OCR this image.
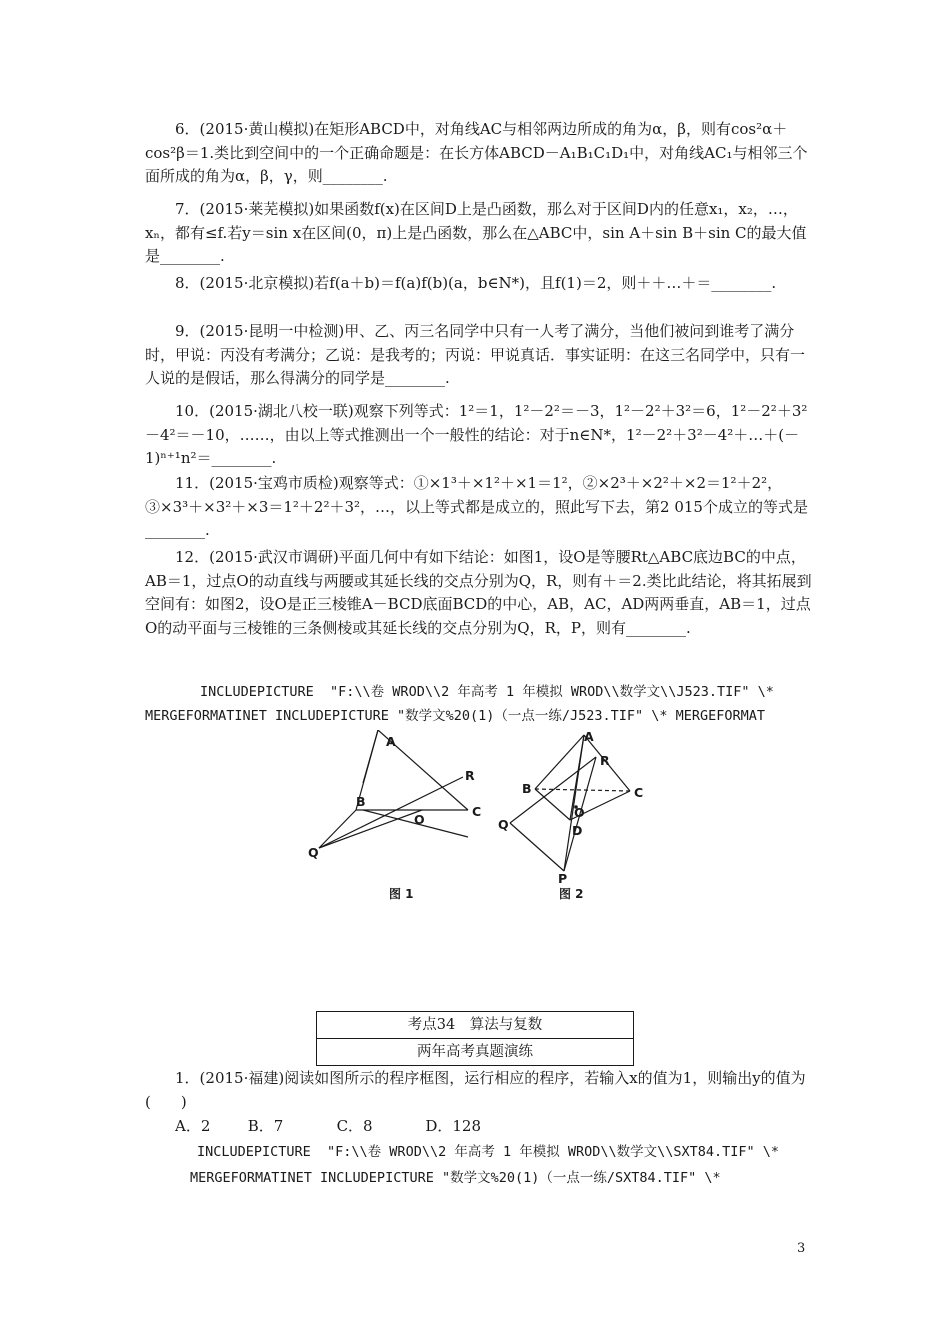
6．(2015·黄山模拟)在矩形ABCD中，对角线AC与相邻两边所成的角为α，β，则有cos²α＋cos²β＝1.类比到空间中的一个正确命题是：在长方体ABCD－A₁B₁C₁D₁中，对角线AC₁与相邻三个面所成的角为α，β，γ，则________.
7．(2015·莱芜模拟)如果函数f(x)在区间D上是凸函数，那么对于区间D内的任意x₁，x₂，…，xₙ，都有≤f.若y＝sin x在区间(0，π)上是凸函数，那么在△ABC中，sin A＋sin B＋sin C的最大值是________.
8．(2015·北京模拟)若f(a＋b)＝f(a)f(b)(a，b∈N*)，且f(1)＝2，则＋＋…＋＝________.
9．(2015·昆明一中检测)甲、乙、丙三名同学中只有一人考了满分，当他们被问到谁考了满分时，甲说：丙没有考满分；乙说：是我考的；丙说：甲说真话．事实证明：在这三名同学中，只有一人说的是假话，那么得满分的同学是________.
10．(2015·湖北八校一联)观察下列等式：1²＝1，1²－2²＝－3，1²－2²＋3²＝6，1²－2²＋3²－4²＝－10，……，由以上等式推测出一个一般性的结论：对于n∈N*，1²－2²＋3²－4²＋…＋(－1)ⁿ⁺¹n²＝________.
11．(2015·宝鸡市质检)观察等式：①×1³＋×1²＋×1＝1²，②×2³＋×2²＋×2＝1²＋2²，③×3³＋×3²＋×3＝1²＋2²＋3²，…，以上等式都是成立的，照此写下去，第2 015个成立的等式是________.
12．(2015·武汉市调研)平面几何中有如下结论：如图1，设O是等腰Rt△ABC底边BC的中点，AB＝1，过点O的动直线与两腰或其延长线的交点分别为Q，R，则有＋＝2.类比此结论，将其拓展到空间有：如图2，设O是正三棱锥A－BCD底面BCD的中心，AB，AC，AD两两垂直，AB＝1，过点O的动平面与三棱锥的三条侧棱或其延长线的交点分别为Q，R，P，则有________.
INCLUDEPICTURE  "F:\\卷 WROD\\2 年高考 1 年模拟 WROD\\数学文\\J523.TIF" \*
MERGEFORMATINET INCLUDEPICTURE "数学文%20(1)（一点一练/J523.TIF" \* MERGEFORMAT
A
B
C
O
R
Q
图 1
A
B	C
O
R
Q	D
P
图 2
考点34　算法与复数
两年高考真题演练
1．(2015·福建)阅读如图所示的程序框图，运行相应的程序，若输入x的值为1，则输出y的值为(　　)
A．2 B．7	C．8	D．128
INCLUDEPICTURE  "F:\\卷 WROD\\2 年高考 1 年模拟 WROD\\数学文\\SXT84.TIF" \*
MERGEFORMATINET INCLUDEPICTURE "数学文%20(1)（一点一练/SXT84.TIF" \*
3
